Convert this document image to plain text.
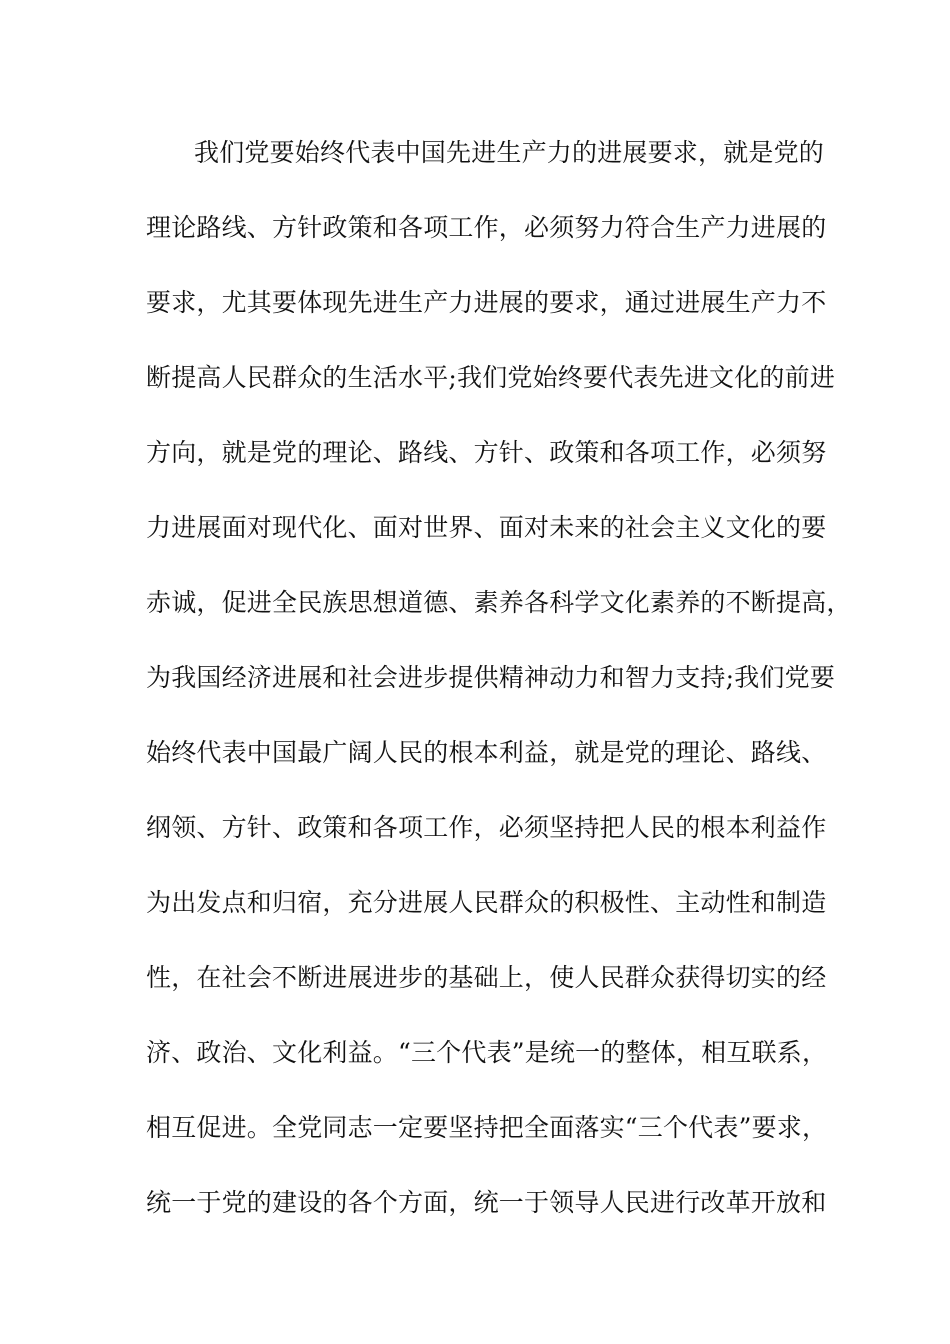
我们党要始终代表中国先进生产力的进展要求，就是党的
理论路线、方针政策和各项工作，必须努力符合生产力进展的
要求，尤其要体现先进生产力进展的要求，通过进展生产力不
断提高人民群众的生活水平;我们党始终要代表先进文化的前进
方向，就是党的理论、路线、方针、政策和各项工作，必须努
力进展面对现代化、面对世界、面对未来的社会主义文化的要
赤诚，促进全民族思想道德、素养各科学文化素养的不断提高，
为我国经济进展和社会进步提供精神动力和智力支持;我们党要
始终代表中国最广阔人民的根本利益，就是党的理论、路线、
纲领、方针、政策和各项工作，必须坚持把人民的根本利益作
为出发点和归宿，充分进展人民群众的积极性、主动性和制造
性，在社会不断进展进步的基础上，使人民群众获得切实的经
济、政治、文化利益。“三个代表”是统一的整体，相互联系，
相互促进。全党同志一定要坚持把全面落实“三个代表”要求，
统一于党的建设的各个方面，统一于领导人民进行改革开放和
